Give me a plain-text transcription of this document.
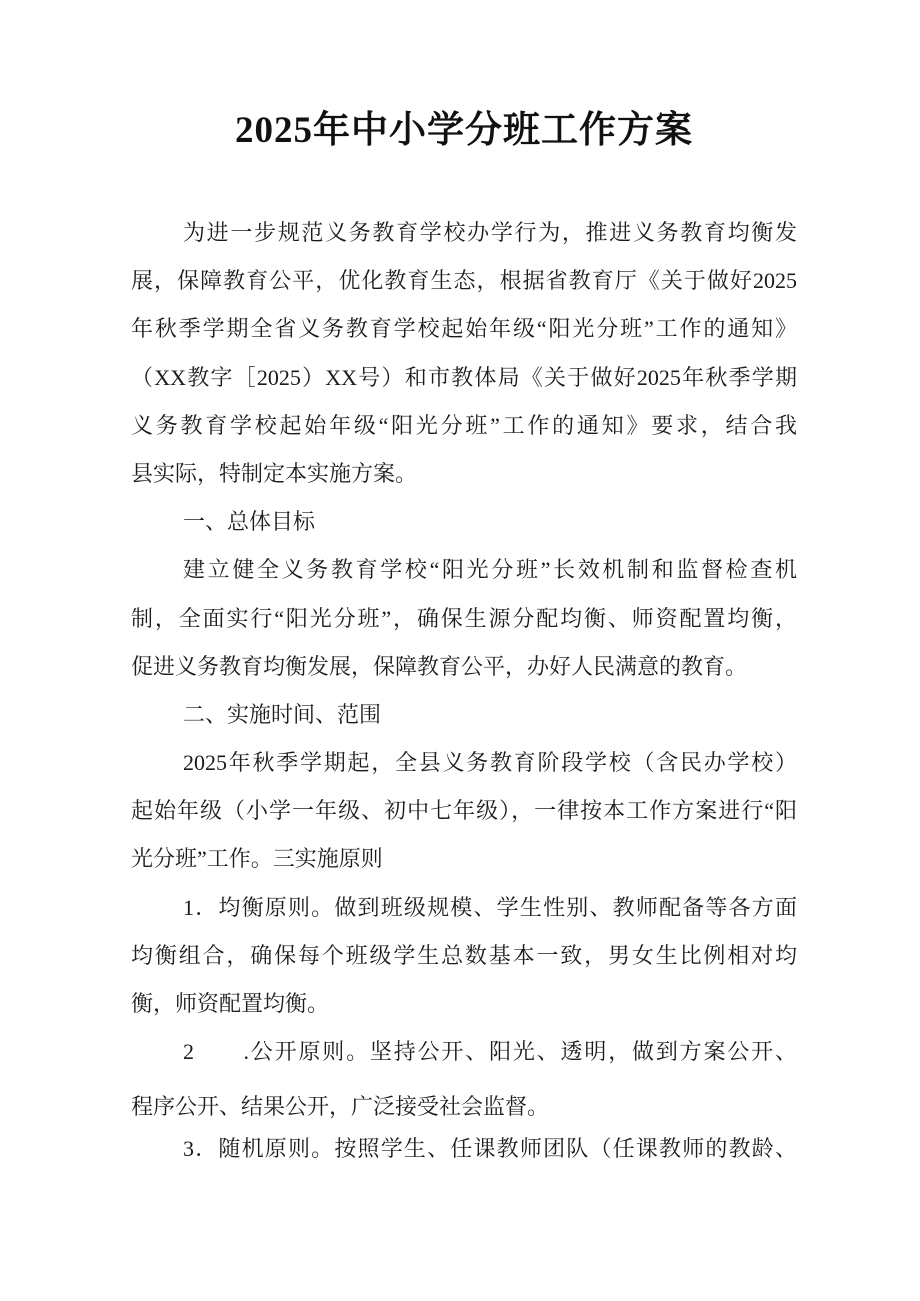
2025年中小学分班工作方案
为进一步规范义务教育学校办学行为，推进义务教育均衡发
展，保障教育公平，优化教育生态，根据省教育厅《关于做好2025
年秋季学期全省义务教育学校起始年级“阳光分班”工作的通知》
（XX教字［2025）XX号）和市教体局《关于做好2025年秋季学期
义务教育学校起始年级“阳光分班”工作的通知》要求，结合我
县实际，特制定本实施方案。
一、总体目标
建立健全义务教育学校“阳光分班”长效机制和监督检查机
制，全面实行“阳光分班”，确保生源分配均衡、师资配置均衡，
促进义务教育均衡发展，保障教育公平，办好人民满意的教育。
二、实施时间、范围
2025年秋季学期起，全县义务教育阶段学校（含民办学校）
起始年级（小学一年级、初中七年级），一律按本工作方案进行“阳
光分班”工作。三实施原则
1．均衡原则。做到班级规模、学生性别、教师配备等各方面
均衡组合，确保每个班级学生总数基本一致，男女生比例相对均
衡，师资配置均衡。
2　　.公开原则。坚持公开、阳光、透明，做到方案公开、
程序公开、结果公开，广泛接受社会监督。
3．随机原则。按照学生、任课教师团队（任课教师的教龄、
